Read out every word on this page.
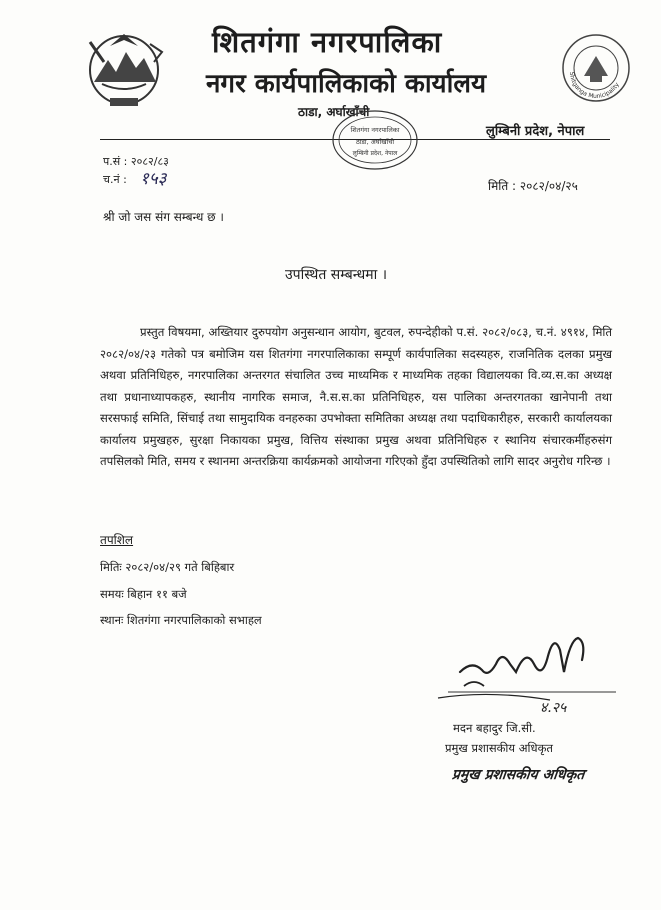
शितगंगा नगरपालिका
नगर कार्यपालिकाको कार्यालय
ठाडा, अर्घाखाँची
लुम्बिनी प्रदेश, नेपाल
Shitganga Municipality
शितगंगा नगरपालिका
ठाडा, अर्घाखाँची
लुम्बिनी प्रदेश, नेपाल
प.सं : २०८२/८३
च.नं : १५३	मिति : २०८२/०४/२५
श्री जो जस संग सम्बन्ध छ ।
उपस्थित सम्बन्धमा ।
प्रस्तुत विषयमा, अख्तियार दुरुपयोग अनुसन्धान आयोग, बुटवल, रुपन्देहीको प.सं. २०८२/०८३, च.नं. ४९१४, मिति २०८२/०४/२३ गतेको पत्र बमोजिम यस शितगंगा नगरपालिकाका सम्पूर्ण कार्यपालिका सदस्यहरु, राजनितिक दलका प्रमुख अथवा प्रतिनिधिहरु, नगरपालिका अन्तरगत संचालित उच्च माध्यमिक र माध्यमिक तहका विद्यालयका वि.व्य.स.का अध्यक्ष तथा प्रधानाध्यापकहरु, स्थानीय नागरिक समाज, नै.स.स.का प्रतिनिधिहरु, यस पालिका अन्तरगतका खानेपानी तथा सरसफाई समिति, सिंचाई तथा सामुदायिक वनहरुका उपभोक्ता समितिका अध्यक्ष तथा पदाधिकारीहरु, सरकारी कार्यालयका कार्यालय प्रमुखहरु, सुरक्षा निकायका प्रमुख, वित्तिय संस्थाका प्रमुख अथवा प्रतिनिधिहरु र स्थानिय संचारकर्मीहरुसंग तपसिलको मिति, समय र स्थानमा अन्तरक्रिया कार्यक्रमको आयोजना गरिएको हुँदा उपस्थितिको लागि सादर अनुरोध गरिन्छ ।
तपशिल
मितिः २०८२/०४/२९ गते बिहिबार
समयः बिहान ११ बजे
स्थानः शितगंगा नगरपालिकाको सभाहल
४.२५
मदन बहादुर जि.सी.
प्रमुख प्रशासकीय अधिकृत
प्रमुख प्रशासकीय अधिकृत
